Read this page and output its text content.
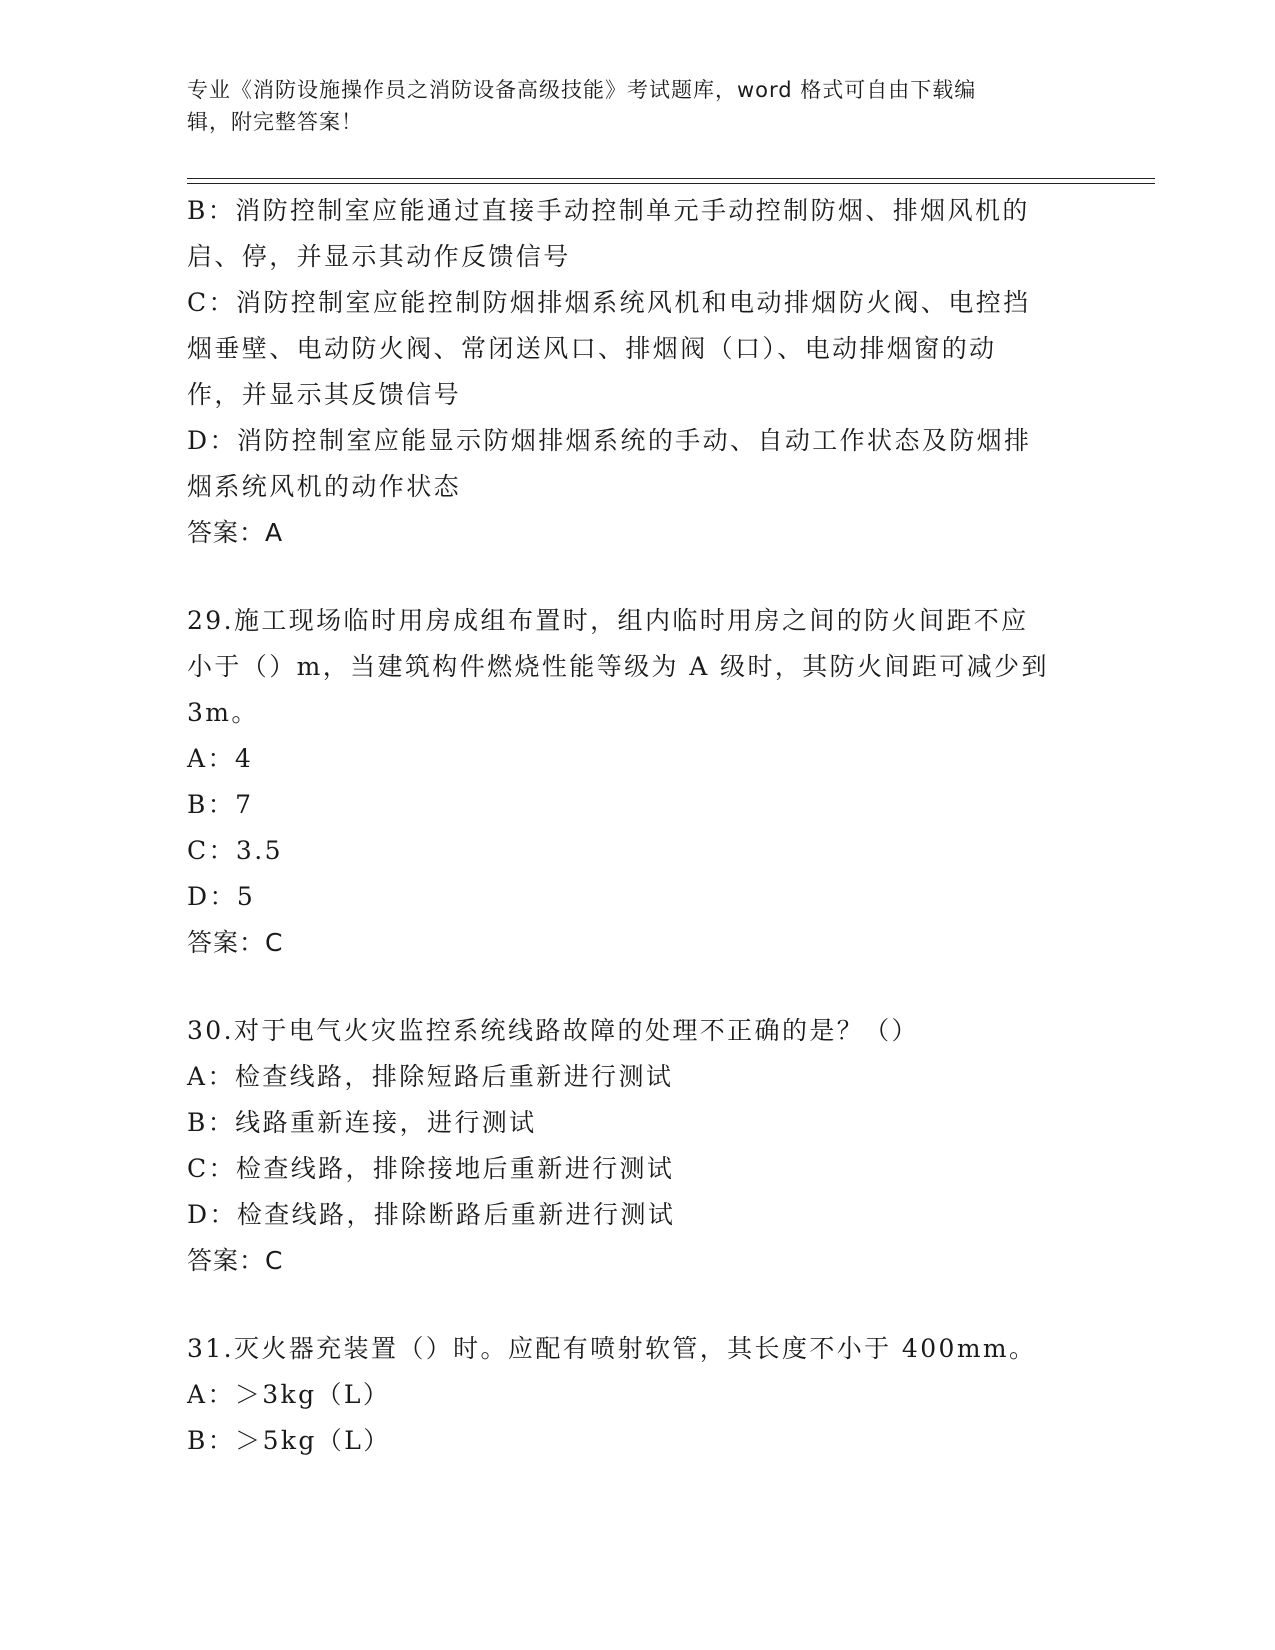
专业《消防设施操作员之消防设备高级技能》考试题库，word 格式可自由下载编
辑，附完整答案！
B：消防控制室应能通过直接手动控制单元手动控制防烟、排烟风机的
启、停，并显示其动作反馈信号
C：消防控制室应能控制防烟排烟系统风机和电动排烟防火阀、电控挡
烟垂壁、电动防火阀、常闭送风口、排烟阀（口）、电动排烟窗的动
作，并显示其反馈信号
D：消防控制室应能显示防烟排烟系统的手动、自动工作状态及防烟排
烟系统风机的动作状态
答案：A
29.施工现场临时用房成组布置时，组内临时用房之间的防火间距不应
小于（）m，当建筑构件燃烧性能等级为 A 级时，其防火间距可减少到
3m。
A：4
B：7
C：3.5
D：5
答案：C
30.对于电气火灾监控系统线路故障的处理不正确的是？（）
A：检查线路，排除短路后重新进行测试
B：线路重新连接，进行测试
C：检查线路，排除接地后重新进行测试
D：检查线路，排除断路后重新进行测试
答案：C
31.灭火器充装置（）时。应配有喷射软管，其长度不小于 400mm。
A：＞3kg（L）
B：＞5kg（L）
